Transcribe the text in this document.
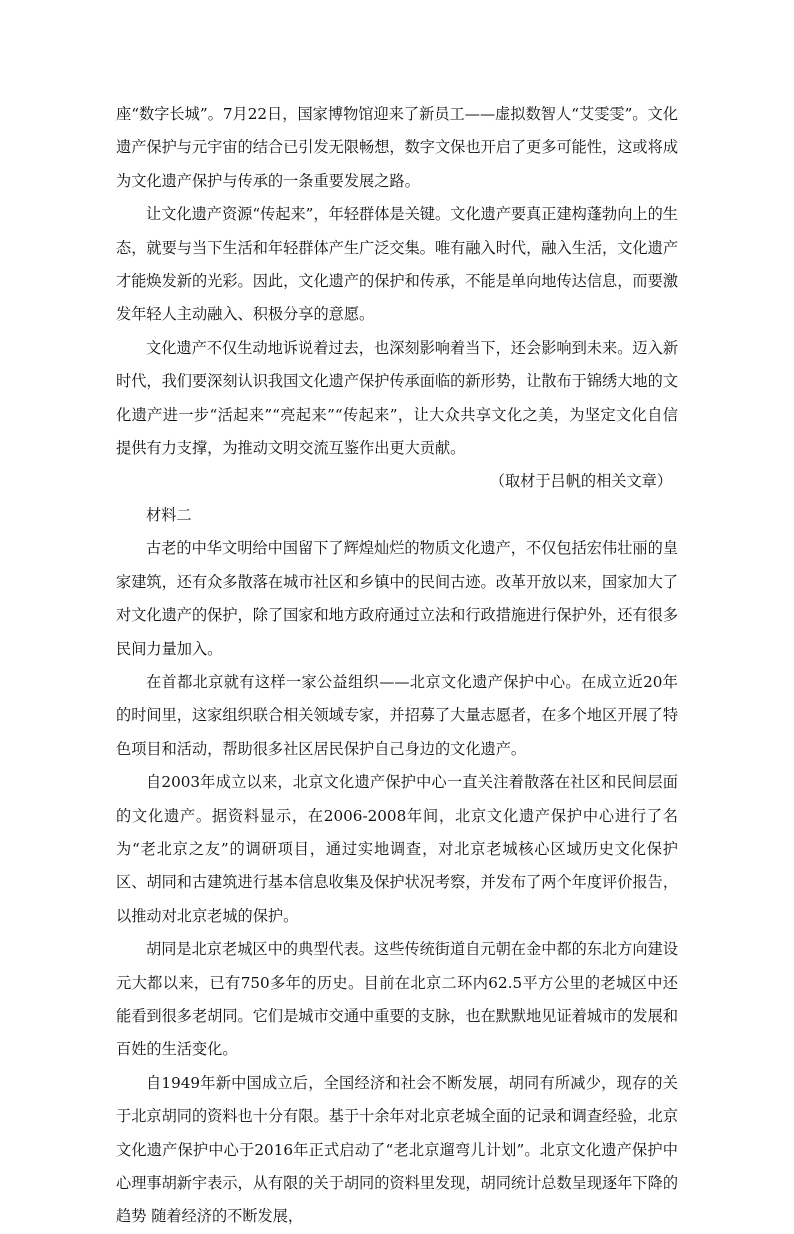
座“数字长城”。7月22日，国家博物馆迎来了新员工——虚拟数智人“艾雯雯”。文化遗产保护与元宇宙的结合已引发无限畅想，数字文保也开启了更多可能性，这或将成为文化遗产保护与传承的一条重要发展之路。

让文化遗产资源“传起来”，年轻群体是关键。文化遗产要真正建构蓬勃向上的生态，就要与当下生活和年轻群体产生广泛交集。唯有融入时代，融入生活，文化遗产才能焕发新的光彩。因此，文化遗产的保护和传承，不能是单向地传达信息，而要激发年轻人主动融入、积极分享的意愿。

文化遗产不仅生动地诉说着过去，也深刻影响着当下，还会影响到未来。迈入新时代，我们要深刻认识我国文化遗产保护传承面临的新形势，让散布于锦绣大地的文化遗产进一步“活起来”“亮起来”“传起来”，让大众共享文化之美，为坚定文化自信提供有力支撑，为推动文明交流互鉴作出更大贡献。

（取材于吕帆的相关文章）

材料二

古老的中华文明给中国留下了辉煌灿烂的物质文化遗产，不仅包括宏伟壮丽的皇家建筑，还有众多散落在城市社区和乡镇中的民间古迹。改革开放以来，国家加大了对文化遗产的保护，除了国家和地方政府通过立法和行政措施进行保护外，还有很多民间力量加入。

在首都北京就有这样一家公益组织——北京文化遗产保护中心。在成立近20年的时间里，这家组织联合相关领域专家，并招募了大量志愿者，在多个地区开展了特色项目和活动，帮助很多社区居民保护自己身边的文化遗产。

自2003年成立以来，北京文化遗产保护中心一直关注着散落在社区和民间层面的文化遗产。据资料显示，在2006-2008年间，北京文化遗产保护中心进行了名为“老北京之友”的调研项目，通过实地调查，对北京老城核心区域历史文化保护区、胡同和古建筑进行基本信息收集及保护状况考察，并发布了两个年度评价报告，以推动对北京老城的保护。

胡同是北京老城区中的典型代表。这些传统街道自元朝在金中都的东北方向建设元大都以来，已有750多年的历史。目前在北京二环内62.5平方公里的老城区中还能看到很多老胡同。它们是城市交通中重要的支脉，也在默默地见证着城市的发展和百姓的生活变化。

自1949年新中国成立后，全国经济和社会不断发展，胡同有所减少，现存的关于北京胡同的资料也十分有限。基于十余年对北京老城全面的记录和调查经验，北京文化遗产保护中心于2016年正式启动了“老北京遛弯儿计划”。北京文化遗产保护中心理事胡新宇表示，从有限的关于胡同的资料里发现，胡同统计总数呈现逐年下降的趋势 随着经济的不断发展，
